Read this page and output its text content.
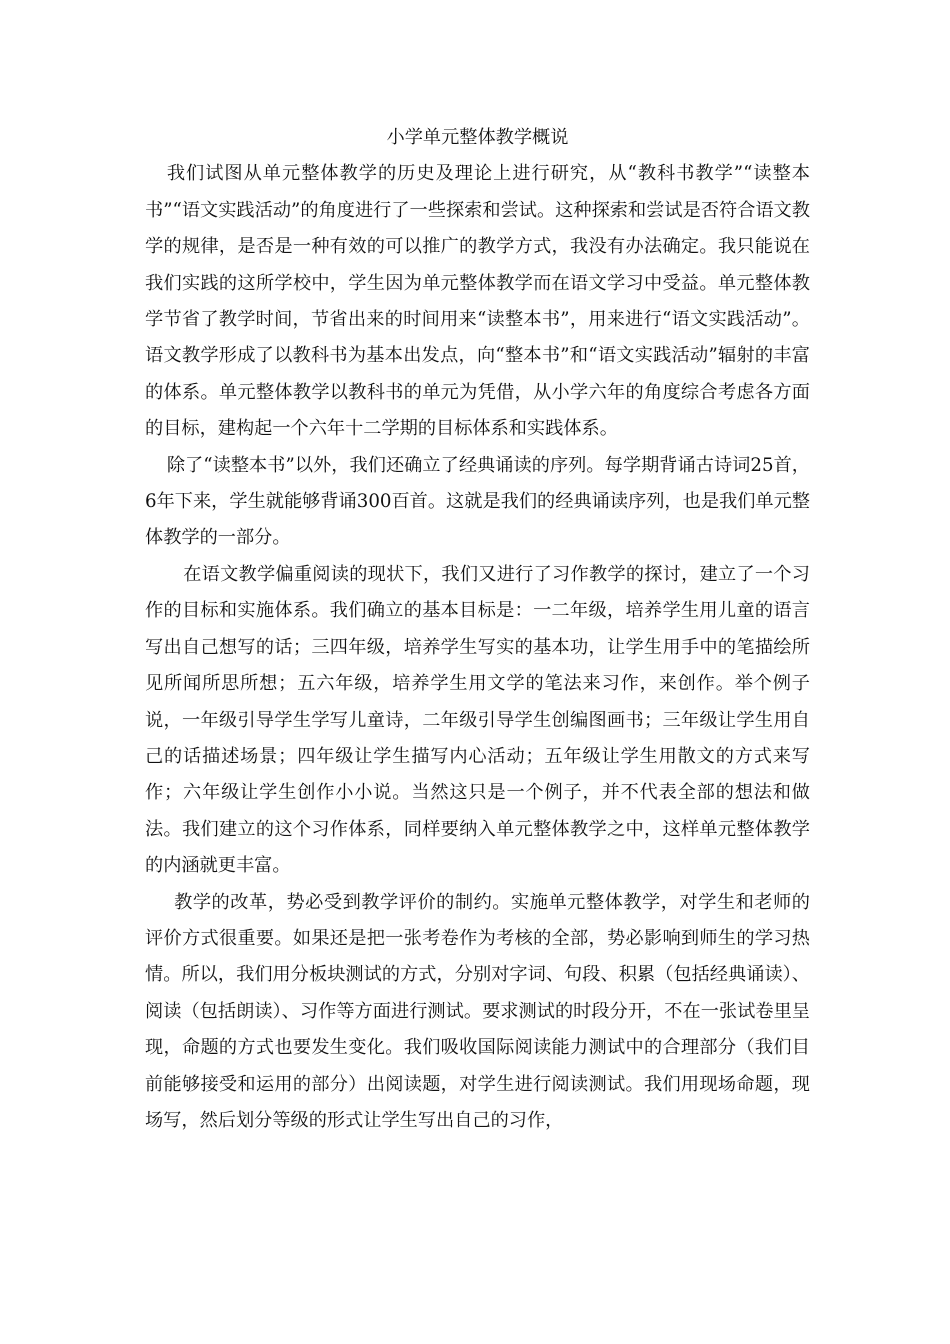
小学单元整体教学概说

我们试图从单元整体教学的历史及理论上进行研究，从“教科书教学”“读整本书”“语文实践活动”的角度进行了一些探索和尝试。这种探索和尝试是否符合语文教学的规律，是否是一种有效的可以推广的教学方式，我没有办法确定。我只能说在我们实践的这所学校中，学生因为单元整体教学而在语文学习中受益。单元整体教学节省了教学时间，节省出来的时间用来“读整本书”，用来进行“语文实践活动”。语文教学形成了以教科书为基本出发点，向“整本书”和“语文实践活动”辐射的丰富的体系。单元整体教学以教科书的单元为凭借，从小学六年的角度综合考虑各方面的目标，建构起一个六年十二学期的目标体系和实践体系。

除了“读整本书”以外，我们还确立了经典诵读的序列。每学期背诵古诗词25首，6年下来，学生就能够背诵300百首。这就是我们的经典诵读序列，也是我们单元整体教学的一部分。

在语文教学偏重阅读的现状下，我们又进行了习作教学的探讨，建立了一个习作的目标和实施体系。我们确立的基本目标是：一二年级，培养学生用儿童的语言写出自己想写的话；三四年级，培养学生写实的基本功，让学生用手中的笔描绘所见所闻所思所想；五六年级，培养学生用文学的笔法来习作，来创作。举个例子说，一年级引导学生学写儿童诗，二年级引导学生创编图画书；三年级让学生用自己的话描述场景；四年级让学生描写内心活动；五年级让学生用散文的方式来写作；六年级让学生创作小小说。当然这只是一个例子，并不代表全部的想法和做法。我们建立的这个习作体系，同样要纳入单元整体教学之中，这样单元整体教学的内涵就更丰富。

教学的改革，势必受到教学评价的制约。实施单元整体教学，对学生和老师的评价方式很重要。如果还是把一张考卷作为考核的全部，势必影响到师生的学习热情。所以，我们用分板块测试的方式，分别对字词、句段、积累（包括经典诵读）、阅读（包括朗读）、习作等方面进行测试。要求测试的时段分开，不在一张试卷里呈现，命题的方式也要发生变化。我们吸收国际阅读能力测试中的合理部分（我们目前能够接受和运用的部分）出阅读题，对学生进行阅读测试。我们用现场命题，现场写，然后划分等级的形式让学生写出自己的习作，
